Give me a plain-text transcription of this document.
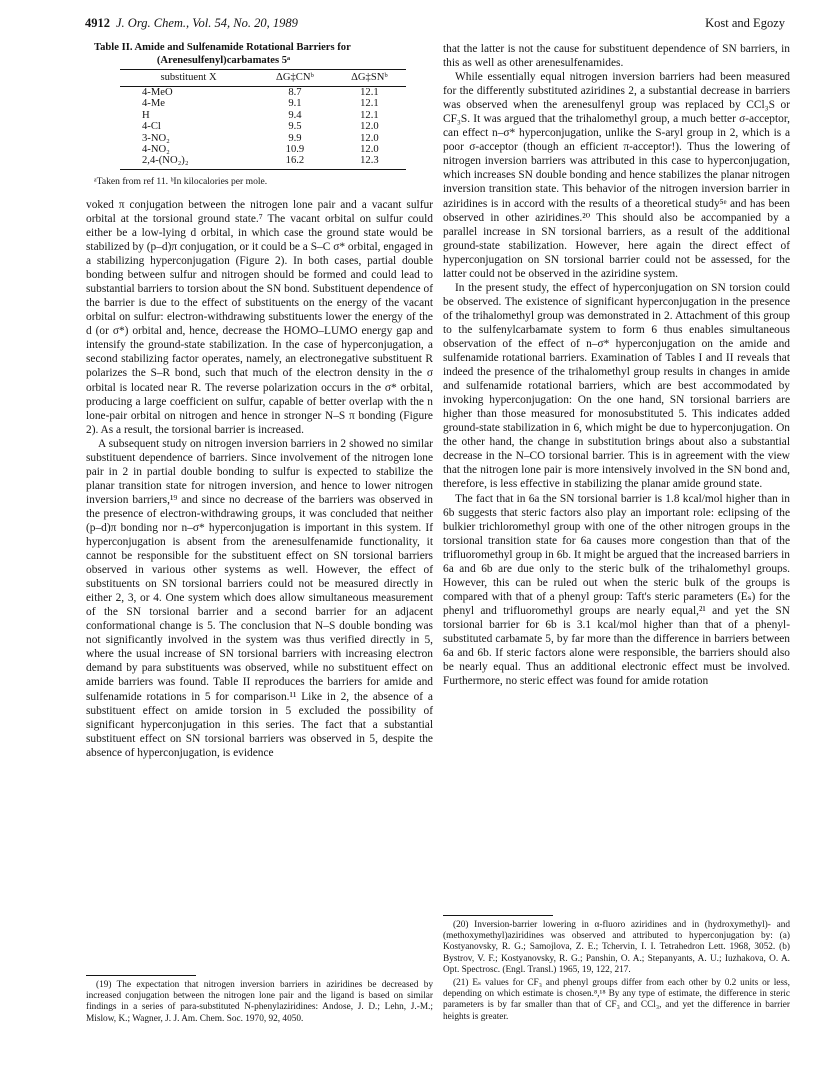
4912 J. Org. Chem., Vol. 54, No. 20, 1989	Kost and Egozy
Table II. Amide and Sulfenamide Rotational Barriers for
(Arenesulfenyl)carbamates 5ᵃ
substituent X	ΔG‡CNᵇ	ΔG‡SNᵇ
4-MeO	8.7	12.1
4-Me	9.1	12.1
H	9.4	12.1
4-Cl	9.5	12.0
3-NO₂	9.9	12.0
4-NO₂	10.9	12.0
2,4-(NO₂)₂	16.2	12.3
ᵃTaken from ref 11. ᵇIn kilocalories per mole.

voked π conjugation between the nitrogen lone pair and a vacant sulfur orbital at the torsional ground state.⁷ The vacant orbital on sulfur could either be a low-lying d orbital, in which case the ground state would be stabilized by (p–d)π conjugation, or it could be a S–C σ* orbital, engaged in a stabilizing hyperconjugation (Figure 2). In both cases, partial double bonding between sulfur and nitrogen should be formed and could lead to substantial barriers to torsion about the SN bond. Substituent dependence of the barrier is due to the effect of substituents on the energy of the vacant orbital on sulfur: electron-withdrawing substituents lower the energy of the d (or σ*) orbital and, hence, decrease the HOMO–LUMO energy gap and intensify the ground-state stabilization. In the case of hyperconjugation, a second stabilizing factor operates, namely, an electronegative substituent R polarizes the S–R bond, such that much of the electron density in the σ orbital is located near R. The reverse polarization occurs in the σ* orbital, producing a large coefficient on sulfur, capable of better overlap with the n lone-pair orbital on nitrogen and hence in stronger N–S π bonding (Figure 2). As a result, the torsional barrier is increased.

A subsequent study on nitrogen inversion barriers in 2 showed no similar substituent dependence of barriers. Since involvement of the nitrogen lone pair in 2 in partial double bonding to sulfur is expected to stabilize the planar transition state for nitrogen inversion, and hence to lower nitrogen inversion barriers,¹⁹ and since no decrease of the barriers was observed in the presence of electron-withdrawing groups, it was concluded that neither (p–d)π bonding nor n–σ* hyperconjugation is important in this system. If hyperconjugation is absent from the arenesulfenamide functionality, it cannot be responsible for the substituent effect on SN torsional barriers observed in various other systems as well. However, the effect of substituents on SN torsional barriers could not be measured directly in either 2, 3, or 4. One system which does allow simultaneous measurement of the SN torsional barrier and a second barrier for an adjacent conformational change is 5. The conclusion that N–S double bonding was not significantly involved in the system was thus verified directly in 5, where the usual increase of SN torsional barriers with increasing electron demand by para substituents was observed, while no substituent effect on amide barriers was found. Table II reproduces the barriers for amide and sulfenamide rotations in 5 for comparison.¹¹ Like in 2, the absence of a substituent effect on amide torsion in 5 excluded the possibility of significant hyperconjugation in this series. The fact that a substantial substituent effect on SN torsional barriers was observed in 5, despite the absence of hyperconjugation, is evidence

that the latter is not the cause for substituent dependence of SN barriers, in this as well as other arenesulfenamides.

While essentially equal nitrogen inversion barriers had been measured for the differently substituted aziridines 2, a substantial decrease in barriers was observed when the arenesulfenyl group was replaced by CCl₃S or CF₃S. It was argued that the trihalomethyl group, a much better σ-acceptor, can effect n–σ* hyperconjugation, unlike the S-aryl group in 2, which is a poor σ-acceptor (though an efficient π-acceptor!). Thus the lowering of nitrogen inversion barriers was attributed in this case to hyperconjugation, which increases SN double bonding and hence stabilizes the planar nitrogen inversion transition state. This behavior of the nitrogen inversion barrier in aziridines is in accord with the results of a theoretical study⁵ᵉ and has been observed in other aziridines.²⁰ This should also be accompanied by a parallel increase in SN torsional barriers, as a result of the additional ground-state stabilization. However, here again the direct effect of hyperconjugation on SN torsional barrier could not be assessed, for the latter could not be observed in the aziridine system.

In the present study, the effect of hyperconjugation on SN torsion could be observed. The existence of significant hyperconjugation in the presence of the trihalomethyl group was demonstrated in 2. Attachment of this group to the sulfenylcarbamate system to form 6 thus enables simultaneous observation of the effect of n–σ* hyperconjugation on the amide and sulfenamide rotational barriers. Examination of Tables I and II reveals that indeed the presence of the trihalomethyl group results in changes in amide and sulfenamide rotational barriers, which are best accommodated by invoking hyperconjugation: On the one hand, SN torsional barriers are higher than those measured for monosubstituted 5. This indicates added ground-state stabilization in 6, which might be due to hyperconjugation. On the other hand, the change in substitution brings about also a substantial decrease in the N–CO torsional barrier. This is in agreement with the view that the nitrogen lone pair is more intensively involved in the SN bond and, therefore, is less effective in stabilizing the planar amide ground state.

The fact that in 6a the SN torsional barrier is 1.8 kcal/mol higher than in 6b suggests that steric factors also play an important role: eclipsing of the bulkier trichloromethyl group with one of the other nitrogen groups in the torsional transition state for 6a causes more congestion than that of the trifluoromethyl group in 6b. It might be argued that the increased barriers in 6a and 6b are due only to the steric bulk of the trihalomethyl groups. However, this can be ruled out when the steric bulk of the groups is compared with that of a phenyl group: Taft's steric parameters (Eₛ) for the phenyl and trifluoromethyl groups are nearly equal,²¹ and yet the SN torsional barrier for 6b is 3.1 kcal/mol higher than that of a phenyl-substituted carbamate 5, by far more than the difference in barriers between 6a and 6b. If steric factors alone were responsible, the barriers should also be nearly equal. Thus an additional electronic effect must be involved. Furthermore, no steric effect was found for amide rotation

(19) The expectation that nitrogen inversion barriers in aziridines be decreased by increased conjugation between the nitrogen lone pair and the ligand is based on similar findings in a series of para-substituted N-phenylaziridines: Andose, J. D.; Lehn, J.-M.; Mislow, K.; Wagner, J. J. Am. Chem. Soc. 1970, 92, 4050.

(20) Inversion-barrier lowering in α-fluoro aziridines and in (hydroxymethyl)- and (methoxymethyl)aziridines was observed and attributed to hyperconjugation by: (a) Kostyanovsky, R. G.; Samojlova, Z. E.; Tchervin, I. I. Tetrahedron Lett. 1968, 3052. (b) Bystrov, V. F.; Kostyanovsky, R. G.; Panshin, O. A.; Stepanyants, A. U.; Iuzhakova, O. A. Opt. Spectrosc. (Engl. Transl.) 1965, 19, 122, 217.

(21) Eₛ values for CF₃ and phenyl groups differ from each other by 0.2 units or less, depending on which estimate is chosen.⁸,¹⁸ By any type of estimate, the difference in steric parameters is by far smaller than that of CF₃ and CCl₃, and yet the difference in barrier heights is greater.
